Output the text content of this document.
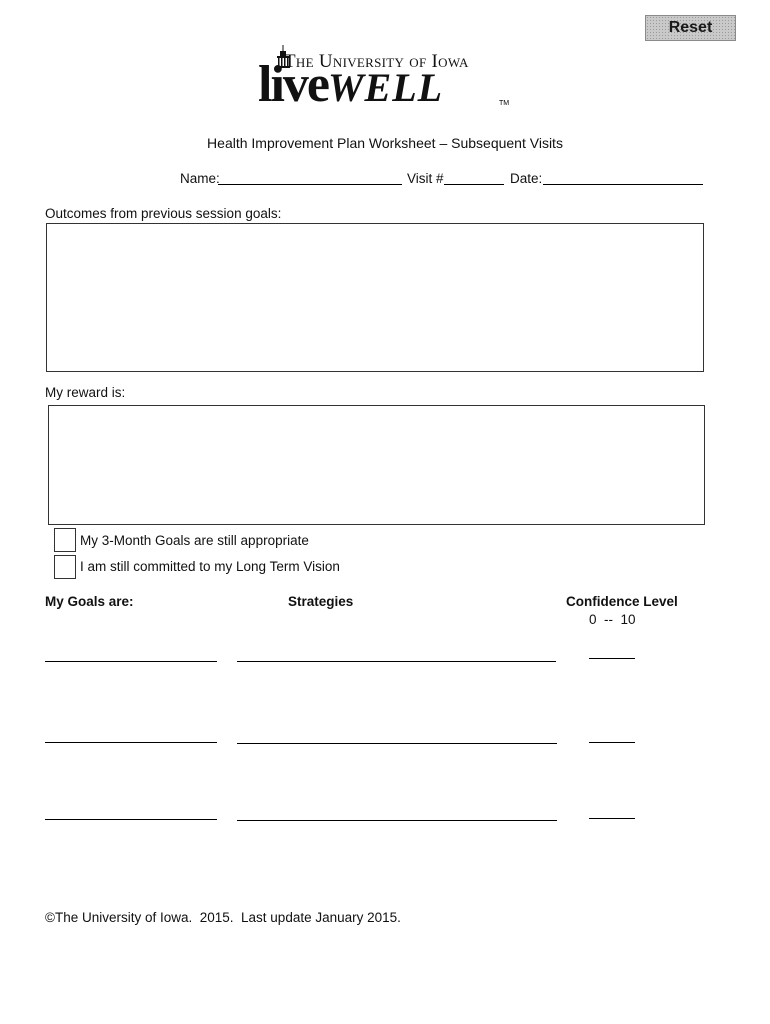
Reset
The University of Iowa
liveWELL	TM
Health Improvement Plan Worksheet – Subsequent Visits
Name:	Visit #	Date:
Outcomes from previous session goals:
My reward is:
My 3-Month Goals are still appropriate
I am still committed to my Long Term Vision
My Goals are:	Strategies	Confidence Level
0  --  10
©The University of Iowa.  2015.  Last update January 2015.
